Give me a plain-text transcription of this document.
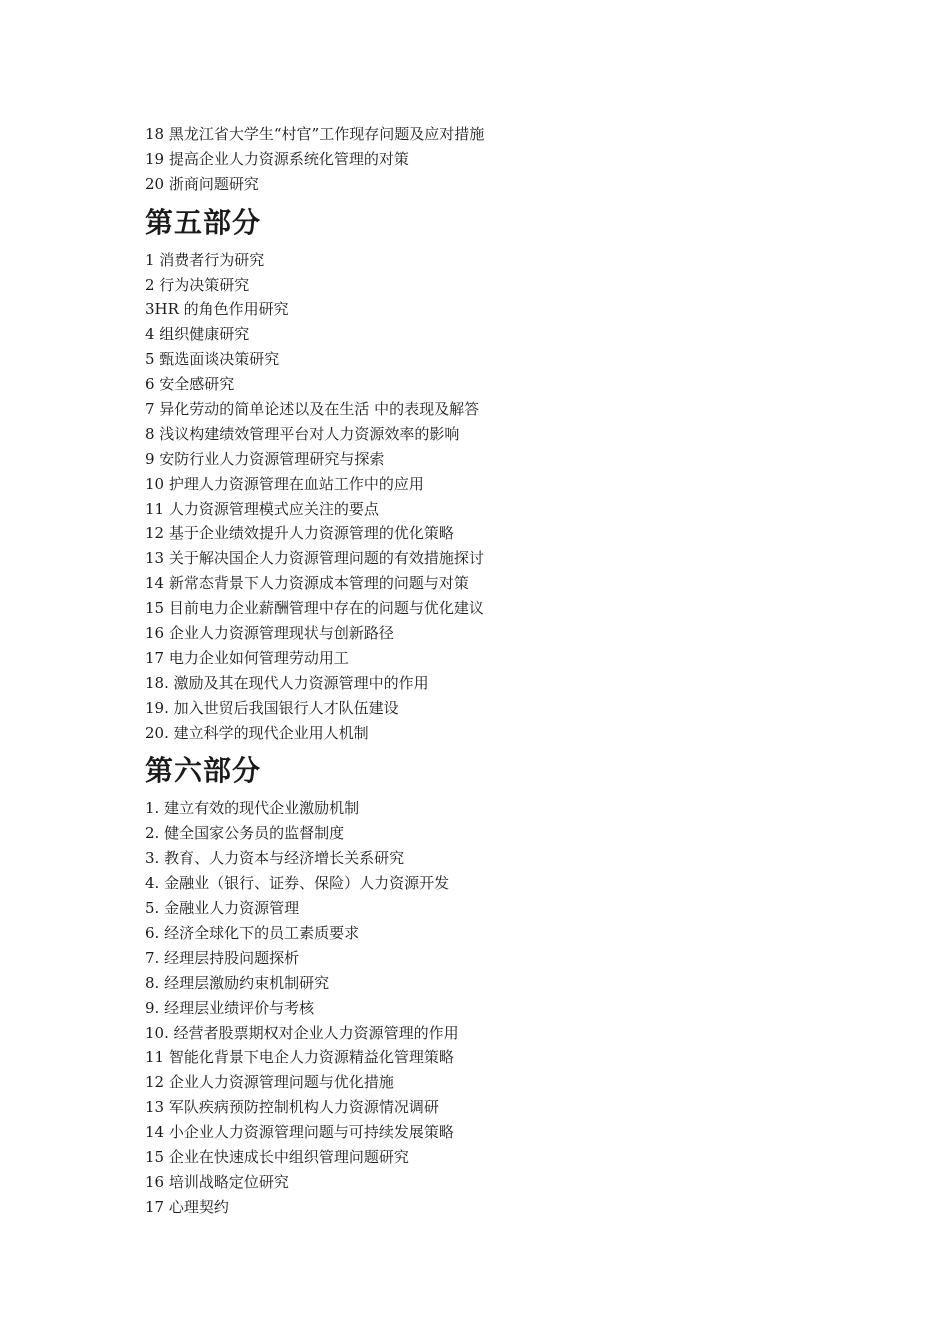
18 黑龙江省大学生“村官”工作现存问题及应对措施
19 提高企业人力资源系统化管理的对策
20 浙商问题研究
第五部分
1 消费者行为研究
2 行为决策研究
3HR 的角色作用研究
4 组织健康研究
5 甄选面谈决策研究
6 安全感研究
7 异化劳动的简单论述以及在生活 中的表现及解答
8 浅议构建绩效管理平台对人力资源效率的影响
9 安防行业人力资源管理研究与探索
10 护理人力资源管理在血站工作中的应用
11 人力资源管理模式应关注的要点
12 基于企业绩效提升人力资源管理的优化策略
13 关于解决国企人力资源管理问题的有效措施探讨
14 新常态背景下人力资源成本管理的问题与对策
15 目前电力企业薪酬管理中存在的问题与优化建议
16 企业人力资源管理现状与创新路径
17 电力企业如何管理劳动用工
18. 激励及其在现代人力资源管理中的作用
19. 加入世贸后我国银行人才队伍建设
20. 建立科学的现代企业用人机制
第六部分
1. 建立有效的现代企业激励机制
2. 健全国家公务员的监督制度
3. 教育、人力资本与经济增长关系研究
4. 金融业（银行、证券、保险）人力资源开发
5. 金融业人力资源管理
6. 经济全球化下的员工素质要求
7. 经理层持股问题探析
8. 经理层激励约束机制研究
9. 经理层业绩评价与考核
10. 经营者股票期权对企业人力资源管理的作用
11 智能化背景下电企人力资源精益化管理策略
12 企业人力资源管理问题与优化措施
13 军队疾病预防控制机构人力资源情况调研
14 小企业人力资源管理问题与可持续发展策略
15 企业在快速成长中组织管理问题研究
16 培训战略定位研究
17 心理契约
